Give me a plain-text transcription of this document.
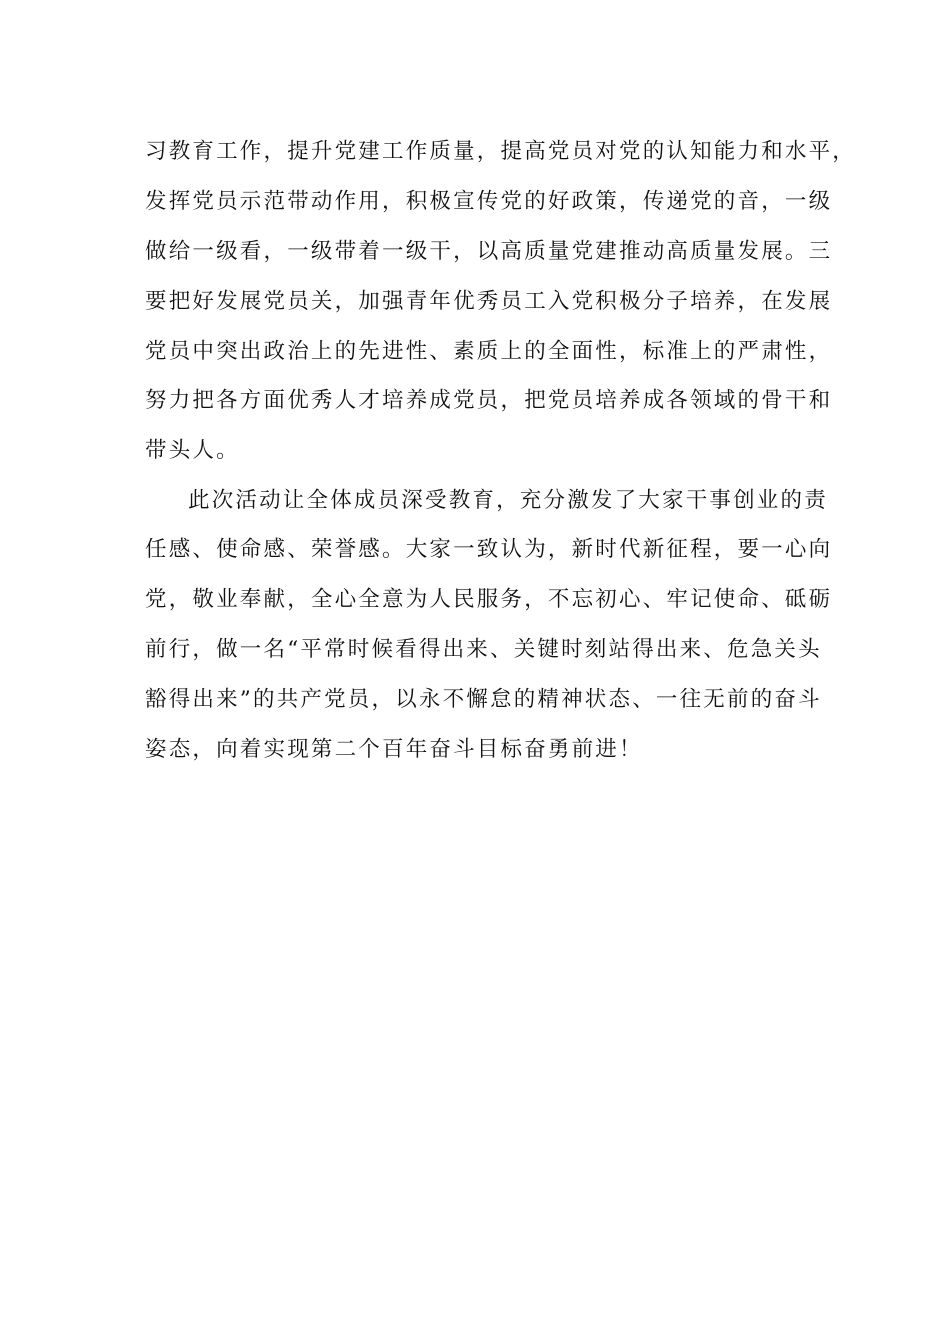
习教育工作，提升党建工作质量，提高党员对党的认知能力和水平，
发挥党员示范带动作用，积极宣传党的好政策，传递党的音，一级
做给一级看，一级带着一级干，以高质量党建推动高质量发展。三
要把好发展党员关，加强青年优秀员工入党积极分子培养，在发展
党员中突出政治上的先进性、素质上的全面性，标准上的严肃性，
努力把各方面优秀人才培养成党员，把党员培养成各领域的骨干和
带头人。
此次活动让全体成员深受教育，充分激发了大家干事创业的责
任感、使命感、荣誉感。大家一致认为，新时代新征程，要一心向
党，敬业奉献，全心全意为人民服务，不忘初心、牢记使命、砥砺
前行，做一名“平常时候看得出来、关键时刻站得出来、危急关头
豁得出来”的共产党员，以永不懈怠的精神状态、一往无前的奋斗
姿态，向着实现第二个百年奋斗目标奋勇前进！
